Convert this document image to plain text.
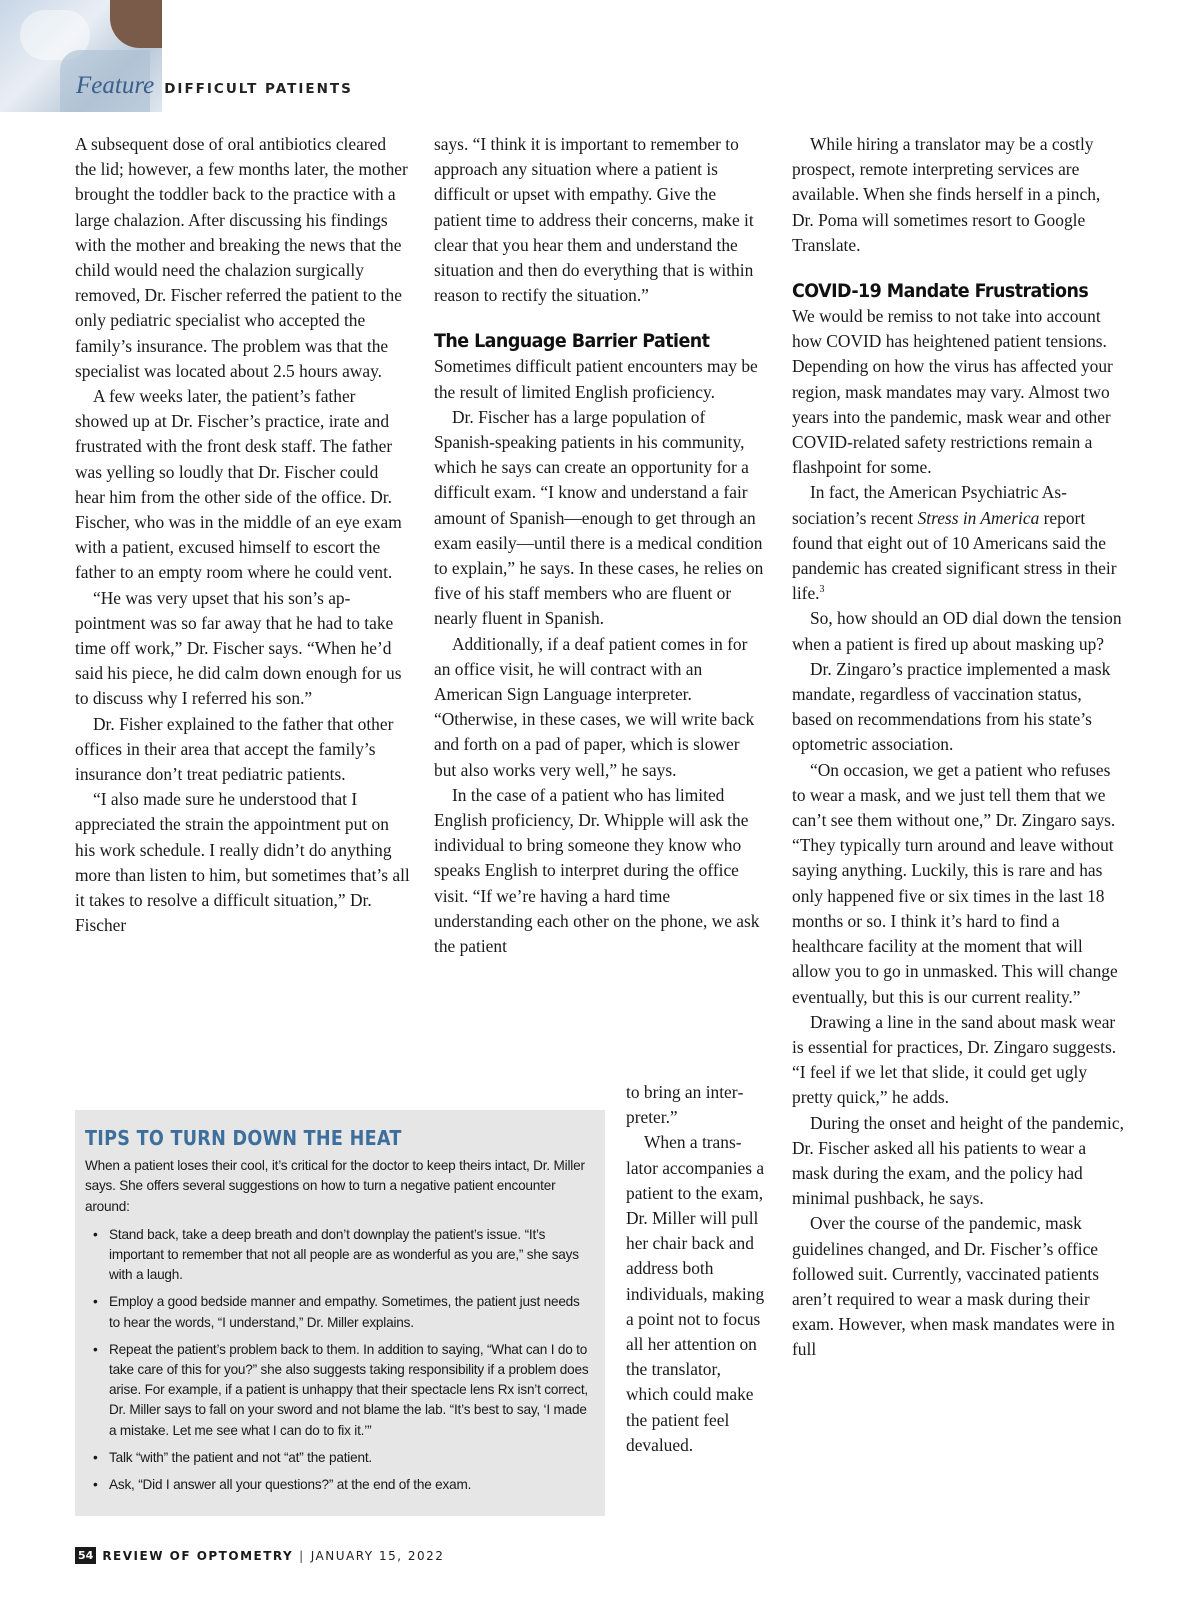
Feature DIFFICULT PATIENTS

A subsequent dose of oral antibiotics cleared the lid; however, a few months later, the mother brought the toddler back to the practice with a large chalazion. After discussing his findings with the mother and breaking the news that the child would need the chalazion surgically removed, Dr. Fischer referred the patient to the only pediatric specialist who accepted the family’s insurance. The problem was that the specialist was located about 2.5 hours away.

A few weeks later, the patient’s father showed up at Dr. Fischer’s practice, irate and frustrated with the front desk staff. The father was yelling so loudly that Dr. Fischer could hear him from the other side of the office. Dr. Fischer, who was in the middle of an eye exam with a patient, excused himself to escort the father to an empty room where he could vent.

“He was very upset that his son’s appointment was so far away that he had to take time off work,” Dr. Fischer says. “When he’d said his piece, he did calm down enough for us to discuss why I referred his son.”

Dr. Fisher explained to the father that other offices in their area that accept the family’s insurance don’t treat pediatric patients.

“I also made sure he understood that I appreciated the strain the appointment put on his work schedule. I really didn’t do anything more than listen to him, but sometimes that’s all it takes to resolve a difficult situation,” Dr. Fischer

says. “I think it is important to remember to approach any situation where a patient is difficult or upset with empathy. Give the patient time to address their concerns, make it clear that you hear them and understand the situation and then do everything that is within reason to rectify the situation.”

The Language Barrier Patient

Sometimes difficult patient encounters may be the result of limited English proficiency.

Dr. Fischer has a large population of Spanish-speaking patients in his community, which he says can create an opportunity for a difficult exam. “I know and understand a fair amount of Spanish—enough to get through an exam easily—until there is a medical condition to explain,” he says. In these cases, he relies on five of his staff members who are fluent or nearly fluent in Spanish.

Additionally, if a deaf patient comes in for an office visit, he will contract with an American Sign Language interpreter. “Otherwise, in these cases, we will write back and forth on a pad of paper, which is slower but also works very well,” he says.

In the case of a patient who has limited English proficiency, Dr. Whipple will ask the individual to bring someone they know who speaks English to interpret during the office visit. “If we’re having a hard time understanding each other on the phone, we ask the patient

to bring an interpreter.”

When a translator accompanies a patient to the exam, Dr. Miller will pull her chair back and address both individuals, making a point not to focus all her attention on the translator, which could make the patient feel devalued.

While hiring a translator may be a costly prospect, remote interpreting services are available. When she finds herself in a pinch, Dr. Poma will sometimes resort to Google Translate.

COVID-19 Mandate Frustrations

We would be remiss to not take into account how COVID has heightened patient tensions. Depending on how the virus has affected your region, mask mandates may vary. Almost two years into the pandemic, mask wear and other COVID-related safety restrictions remain a flashpoint for some.

In fact, the American Psychiatric Association’s recent Stress in America report found that eight out of 10 Americans said the pandemic has created significant stress in their life.$^3$

So, how should an OD dial down the tension when a patient is fired up about masking up?

Dr. Zingaro’s practice implemented a mask mandate, regardless of vaccination status, based on recommendations from his state’s optometric association.

“On occasion, we get a patient who refuses to wear a mask, and we just tell them that we can’t see them without one,” Dr. Zingaro says. “They typically turn around and leave without saying anything. Luckily, this is rare and has only happened five or six times in the last 18 months or so. I think it’s hard to find a healthcare facility at the moment that will allow you to go in unmasked. This will change eventually, but this is our current reality.”

Drawing a line in the sand about mask wear is essential for practices, Dr. Zingaro suggests. “I feel if we let that slide, it could get ugly pretty quick,” he adds.

During the onset and height of the pandemic, Dr. Fischer asked all his patients to wear a mask during the exam, and the policy had minimal pushback, he says.

Over the course of the pandemic, mask guidelines changed, and Dr. Fischer’s office followed suit. Currently, vaccinated patients aren’t required to wear a mask during their exam. However, when mask mandates were in full

TIPS TO TURN DOWN THE HEAT

When a patient loses their cool, it’s critical for the doctor to keep theirs intact, Dr. Miller says. She offers several suggestions on how to turn a negative patient encounter around:

• Stand back, take a deep breath and don’t downplay the patient’s issue. “It’s important to remember that not all people are as wonderful as you are,” she says with a laugh.
• Employ a good bedside manner and empathy. Sometimes, the patient just needs to hear the words, “I understand,” Dr. Miller explains.
• Repeat the patient’s problem back to them. In addition to saying, “What can I do to take care of this for you?” she also suggests taking responsibility if a problem does arise. For example, if a patient is unhappy that their spectacle lens Rx isn’t correct, Dr. Miller says to fall on your sword and not blame the lab. “It’s best to say, ‘I made a mistake. Let me see what I can do to fix it.’”
• Talk “with” the patient and not “at” the patient.
• Ask, “Did I answer all your questions?” at the end of the exam.
54 REVIEW OF OPTOMETRY | JANUARY 15, 2022
